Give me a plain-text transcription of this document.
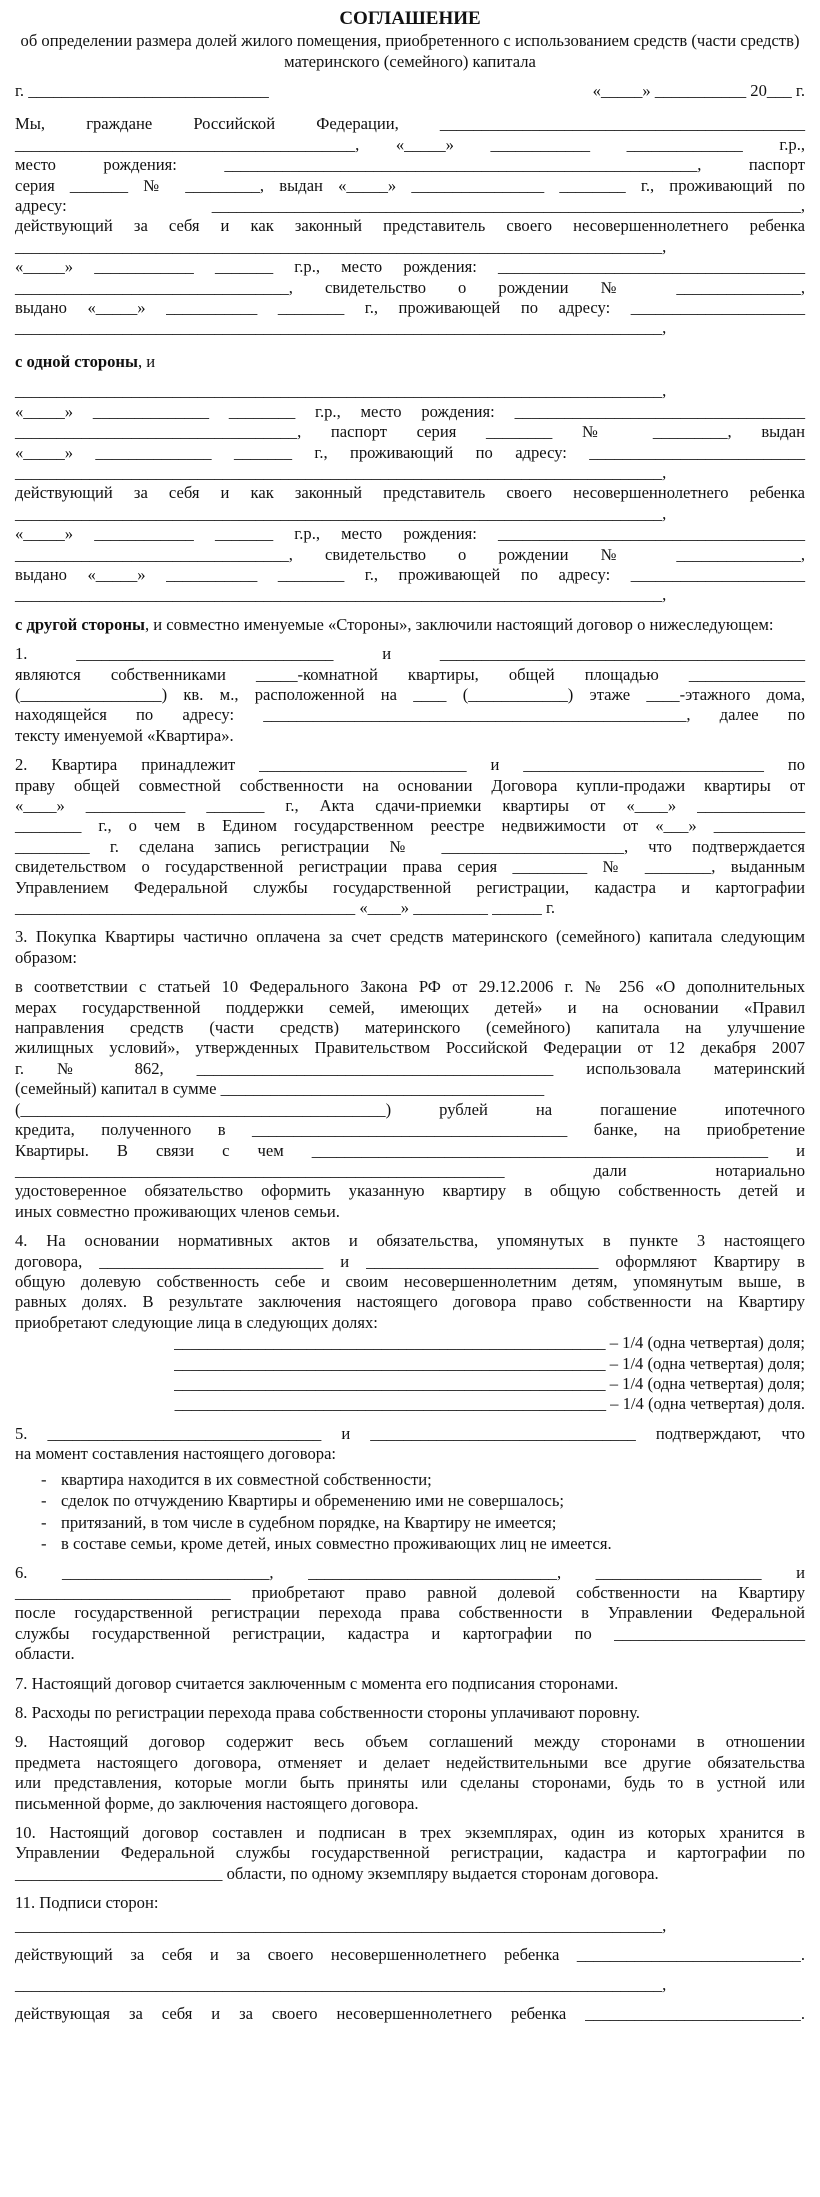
СОГЛАШЕНИЕ
об определении размера долей жилого помещения, приобретенного с использованием средств (части средств) материнского (семейного) капитала
г. _____________________________	«_____» ___________ 20___ г.

Мы, граждане Российской Федерации, ____________________________________________

_________________________________________, «_____» ____________ ______________ г.р.,

место рождения: _________________________________________________________, паспорт

серия _______ № _________, выдан «_____» ________________ ________ г., проживающий по

адресу: _______________________________________________________________________,

действующий за себя и как законный представитель своего несовершеннолетнего ребенка

______________________________________________________________________________,

«_____» ____________ _______ г.р., место рождения: _____________________________________

_________________________________, свидетельство о рождении № _______________,

выдано «_____» ___________ ________ г., проживающей по адресу: _____________________

______________________________________________________________________________,

с одной стороны, и

______________________________________________________________________________,

«_____» ______________ ________ г.р., место рождения: ___________________________________

__________________________________, паспорт серия ________ № _________, выдан

«_____» ______________ _______ г., проживающий по адресу: __________________________

______________________________________________________________________________,

действующий за себя и как законный представитель своего несовершеннолетнего ребенка

______________________________________________________________________________,

«_____» ____________ _______ г.р., место рождения: _____________________________________

_________________________________, свидетельство о рождении № _______________,

выдано «_____» ___________ ________ г., проживающей по адресу: _____________________

______________________________________________________________________________,

с другой стороны, и совместно именуемые «Стороны», заключили настоящий договор о нижеследующем:

1. _______________________________ и ____________________________________________

являются собственниками _____-комнатной квартиры, общей площадью ______________

(_________________) кв. м., расположенной на ____ (____________) этаже ____-этажного дома,

находящейся по адресу: ___________________________________________________, далее по

тексту именуемой «Квартира».

2. Квартира принадлежит _________________________ и _____________________________ по

праву общей совместной собственности на основании Договора купли-продажи квартиры от

«____» ____________ _______ г., Акта сдачи-приемки квартиры от «____» _____________

________ г., о чем в Едином государственном реестре недвижимости от «___» ___________

_________ г. сделана запись регистрации № ______________________, что подтверждается

свидетельством о государственной регистрации права серия _________ № ________, выданным

Управлением Федеральной службы государственной регистрации, кадастра и картографии

_________________________________________ «____» _________ ______ г.

3. Покупка Квартиры частично оплачена за счет средств материнского (семейного) капитала следующим образом:

в соответствии с статьей 10 Федерального Закона РФ от 29.12.2006 г. № 256 «О дополнительных

мерах государственной поддержки семей, имеющих детей» и на основании «Правил

направления средств (части средств) материнского (семейного) капитала на улучшение

жилищных условий», утвержденных Правительством Российской Федерации от 12 декабря 2007

г. № 862, ___________________________________________ использовала материнский

(семейный) капитал в сумме _______________________________________

(____________________________________________) рублей на погашение ипотечного

кредита, полученного в ______________________________________ банке, на приобретение

Квартиры. В связи с чем _______________________________________________________ и

___________________________________________________________ дали нотариально

удостоверенное обязательство оформить указанную квартиру в общую собственность детей и

иных совместно проживающих членов семьи.

4. На основании нормативных актов и обязательства, упомянутых в пункте 3 настоящего

договора, ___________________________ и ____________________________ оформляют Квартиру в

общую долевую собственность себе и своим несовершеннолетним детям, упомянутым выше, в

равных долях. В результате заключения настоящего договора право собственности на Квартиру

приобретают следующие лица в следующих долях:

____________________________________________________ – 1/4 (одна четвертая) доля;

____________________________________________________ – 1/4 (одна четвертая) доля;

____________________________________________________ – 1/4 (одна четвертая) доля;

____________________________________________________ – 1/4 (одна четвертая) доля.

5. _________________________________ и ________________________________ подтверждают, что

на момент составления настоящего договора:

- квартира находится в их совместной собственности;
- сделок по отчуждению Квартиры и обременению ими не совершалось;
- притязаний, в том числе в судебном порядке, на Квартиру не имеется;
- в составе семьи, кроме детей, иных совместно проживающих лиц не имеется.

6. _________________________, ______________________________, ____________________ и

__________________________ приобретают право равной долевой собственности на Квартиру

после государственной регистрации перехода права собственности в Управлении Федеральной

службы государственной регистрации, кадастра и картографии по _______________________

области.

7. Настоящий договор считается заключенным с момента его подписания сторонами.

8. Расходы по регистрации перехода права собственности стороны уплачивают поровну.

9. Настоящий договор содержит весь объем соглашений между сторонами в отношении

предмета настоящего договора, отменяет и делает недействительными все другие обязательства

или представления, которые могли быть приняты или сделаны сторонами, будь то в устной или

письменной форме, до заключения настоящего договора.

10. Настоящий договор составлен и подписан в трех экземплярах, один из которых хранится в

Управлении Федеральной службы государственной регистрации, кадастра и картографии по

_________________________ области, по одному экземпляру выдается сторонам договора.

11. Подписи сторон:

______________________________________________________________________________,

действующий за себя и за своего несовершеннолетнего ребенка ___________________________.

______________________________________________________________________________,

действующая за себя и за своего несовершеннолетнего ребенка __________________________.
